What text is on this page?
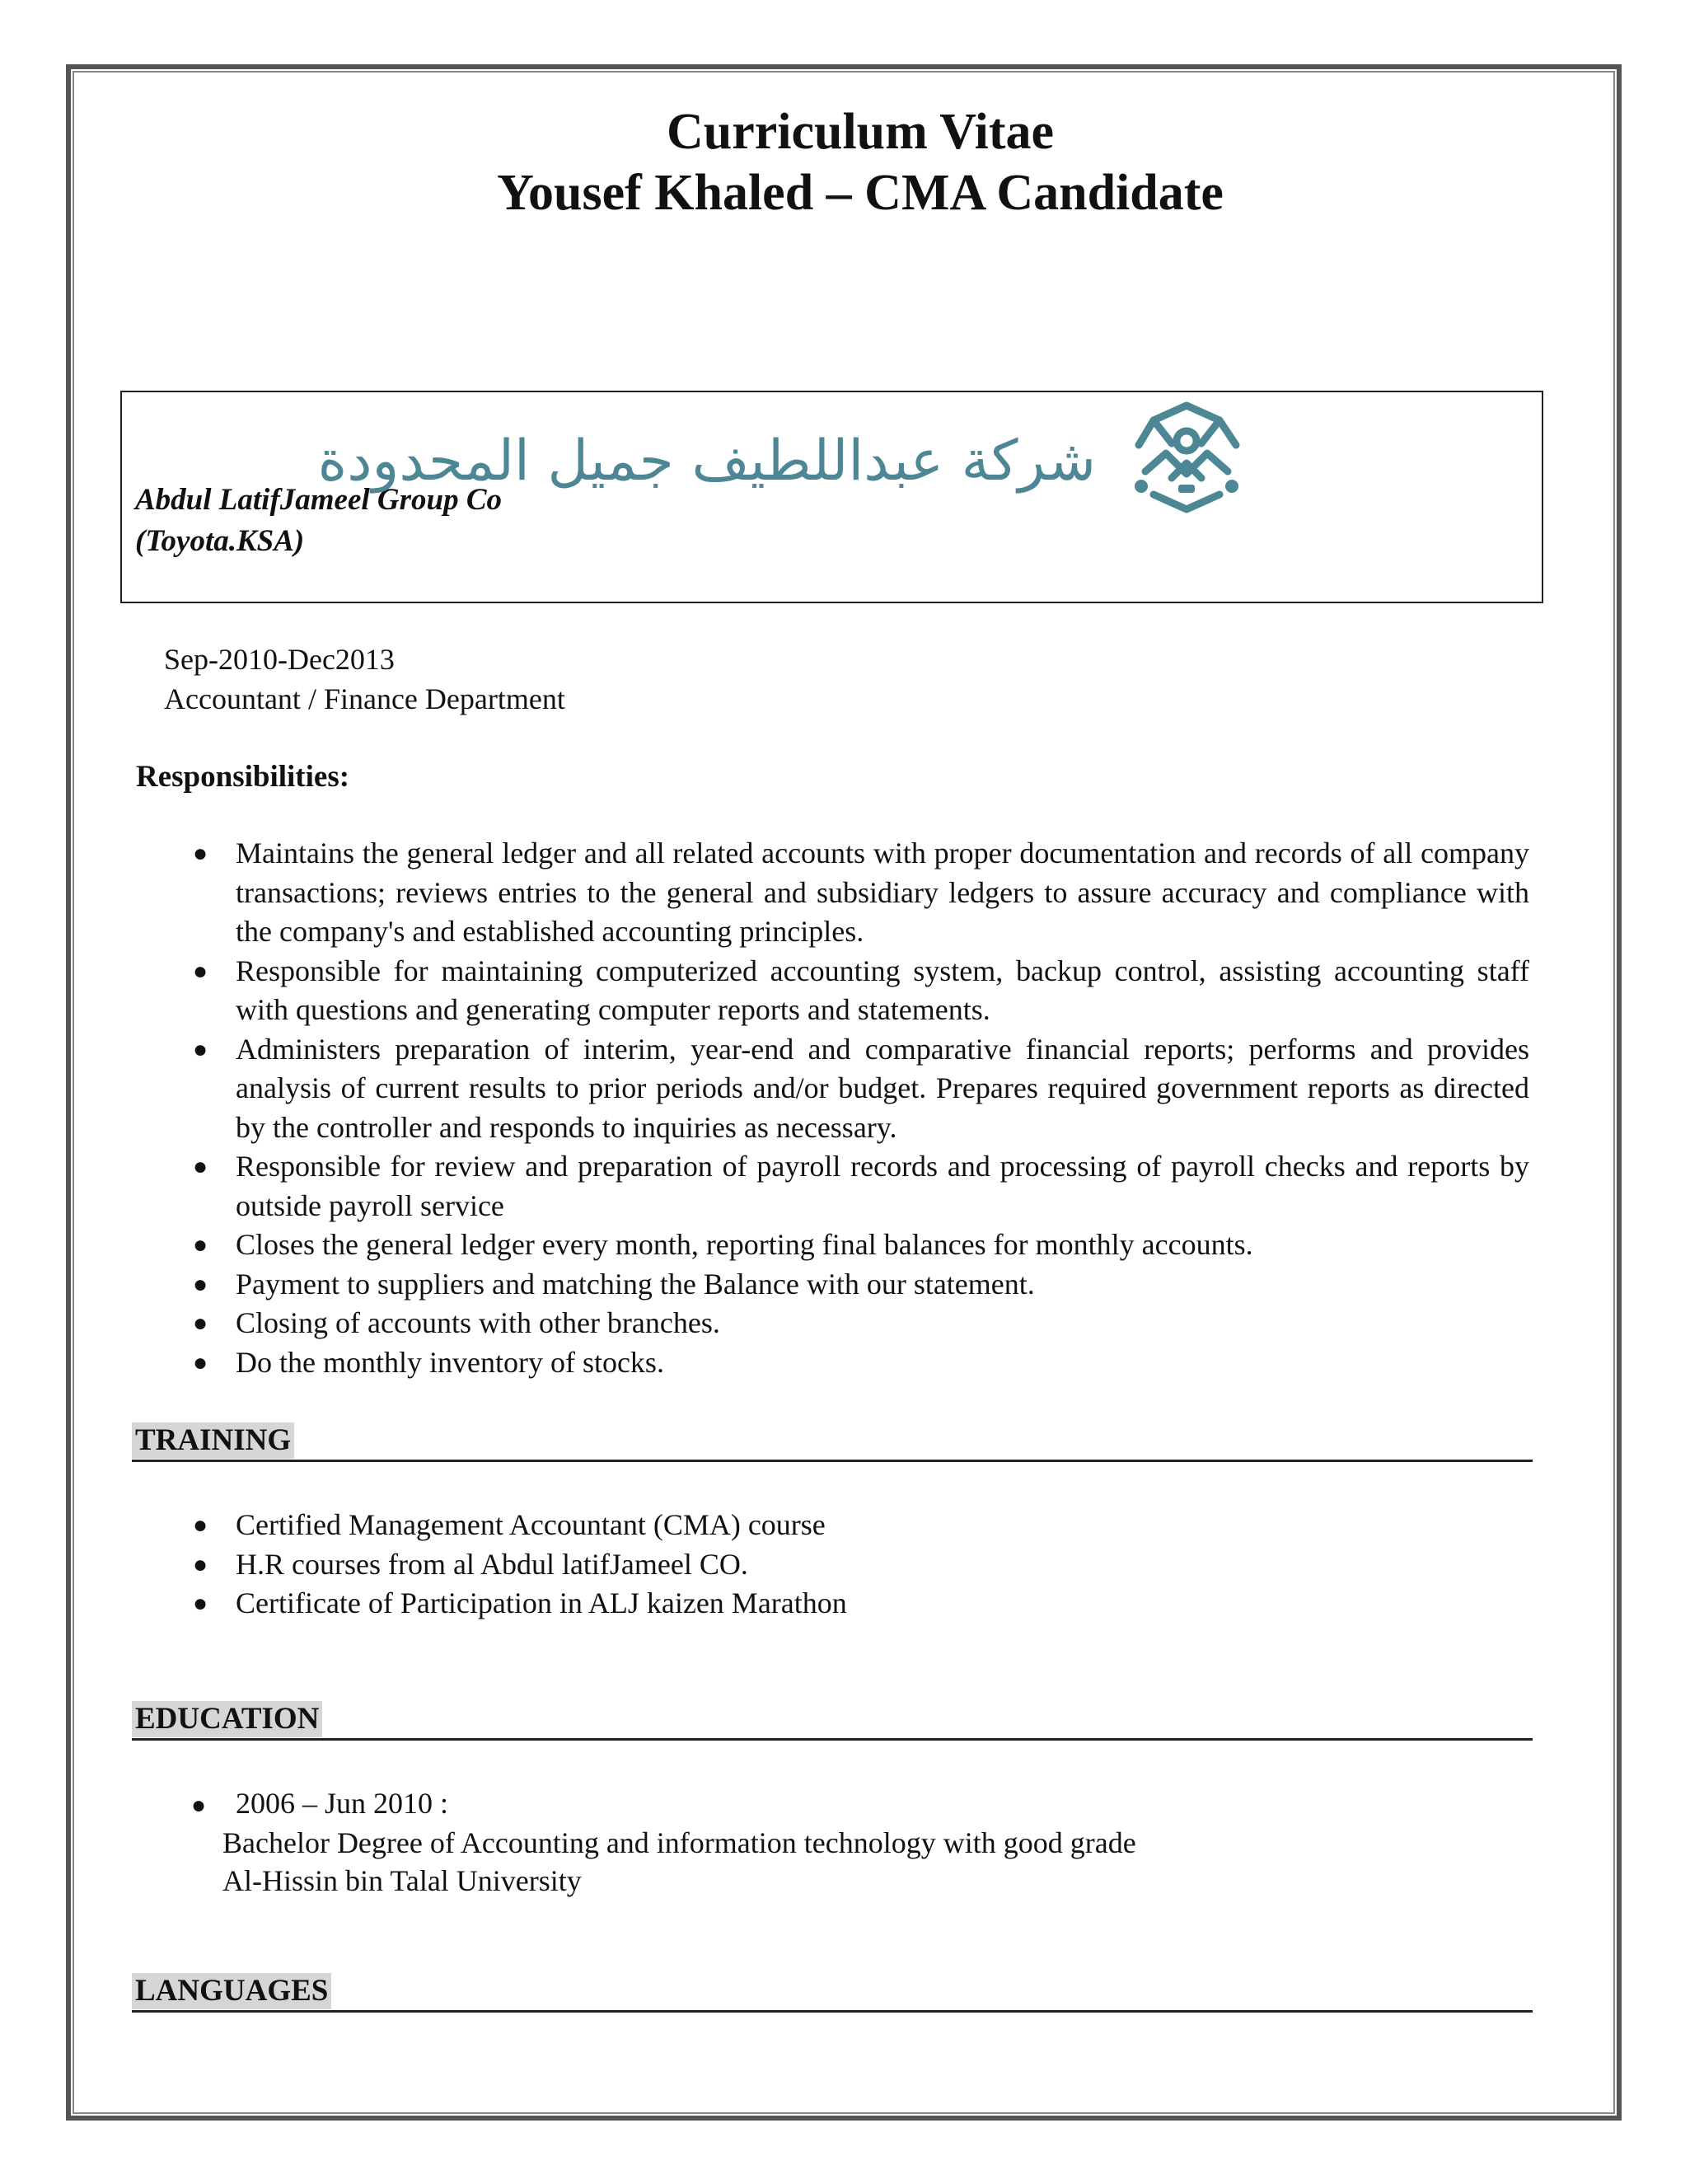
Curriculum Vitae
Yousef Khaled – CMA Candidate
Abdul LatifJameel Group Co
(Toyota.KSA)
شركة عبداللطيف جميل المحدودة
Sep-2010-Dec2013
Accountant / Finance Department
Responsibilities:
● Maintains the general ledger and all related accounts with proper documentation and records of all company transactions; reviews entries to the general and subsidiary ledgers to assure accuracy and compliance with the company's and established accounting principles.
● Responsible for maintaining computerized accounting system, backup control, assisting accounting staff with questions and generating computer reports and statements.
● Administers preparation of interim, year-end and comparative financial reports; performs and provides analysis of current results to prior periods and/or budget. Prepares required government reports as directed by the controller and responds to inquiries as necessary.
● Responsible for review and preparation of payroll records and processing of payroll checks and reports by outside payroll service
● Closes the general ledger every month, reporting final balances for monthly accounts.
● Payment to suppliers and matching the Balance with our statement.
● Closing of accounts with other branches.
● Do the monthly inventory of stocks.
TRAINING
● Certified Management Accountant (CMA) course
● H.R courses from al Abdul latifJameel CO.
● Certificate of Participation in ALJ kaizen Marathon
EDUCATION
● 2006 – Jun 2010 :
Bachelor Degree of Accounting and information technology with good grade
Al-Hissin bin Talal University
LANGUAGES
